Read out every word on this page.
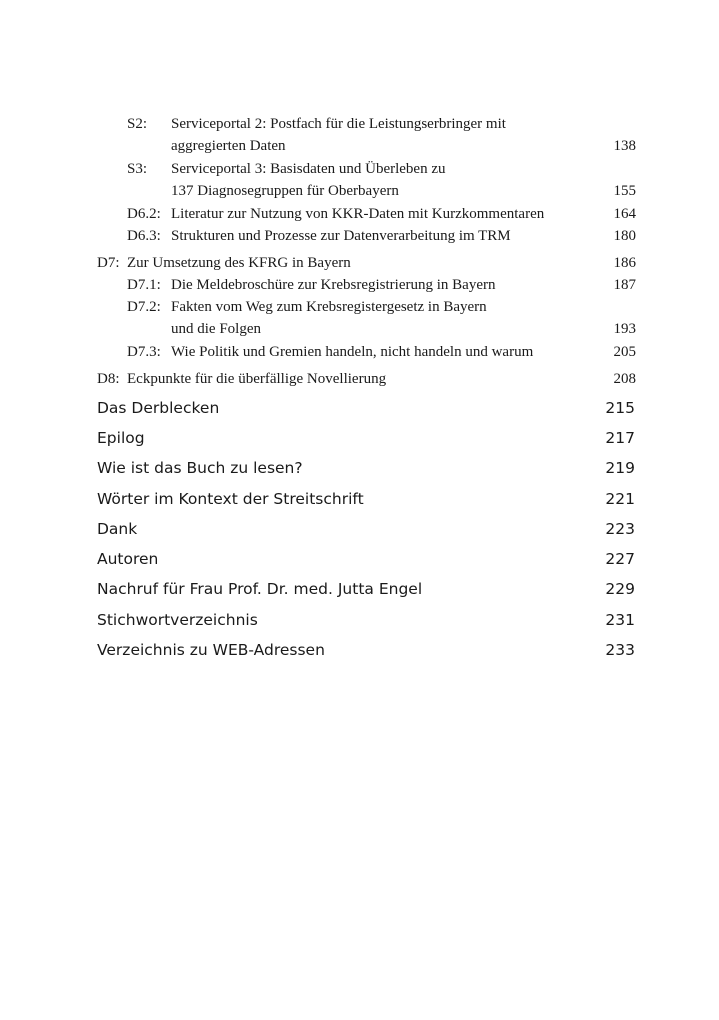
S2: Serviceportal 2: Postfach für die Leistungserbringer mit
aggregierten Daten	138
S3: Serviceportal 3: Basisdaten und Überleben zu
137 Diagnosegruppen für Oberbayern	155
D6.2: Literatur zur Nutzung von KKR-Daten mit Kurzkommentaren	164
D6.3: Strukturen und Prozesse zur Datenverarbeitung im TRM	180
D7: Zur Umsetzung des KFRG in Bayern	186
D7.1: Die Meldebroschüre zur Krebsregistrierung in Bayern	187
D7.2: Fakten vom Weg zum Krebsregistergesetz in Bayern
und die Folgen	193
D7.3: Wie Politik und Gremien handeln, nicht handeln und warum	205
D8: Eckpunkte für die überfällige Novellierung	208
Das Derblecken	215
Epilog	217
Wie ist das Buch zu lesen?	219
Wörter im Kontext der Streitschrift	221
Dank	223
Autoren	227
Nachruf für Frau Prof. Dr. med. Jutta Engel	229
Stichwortverzeichnis	231
Verzeichnis zu WEB-Adressen	233
